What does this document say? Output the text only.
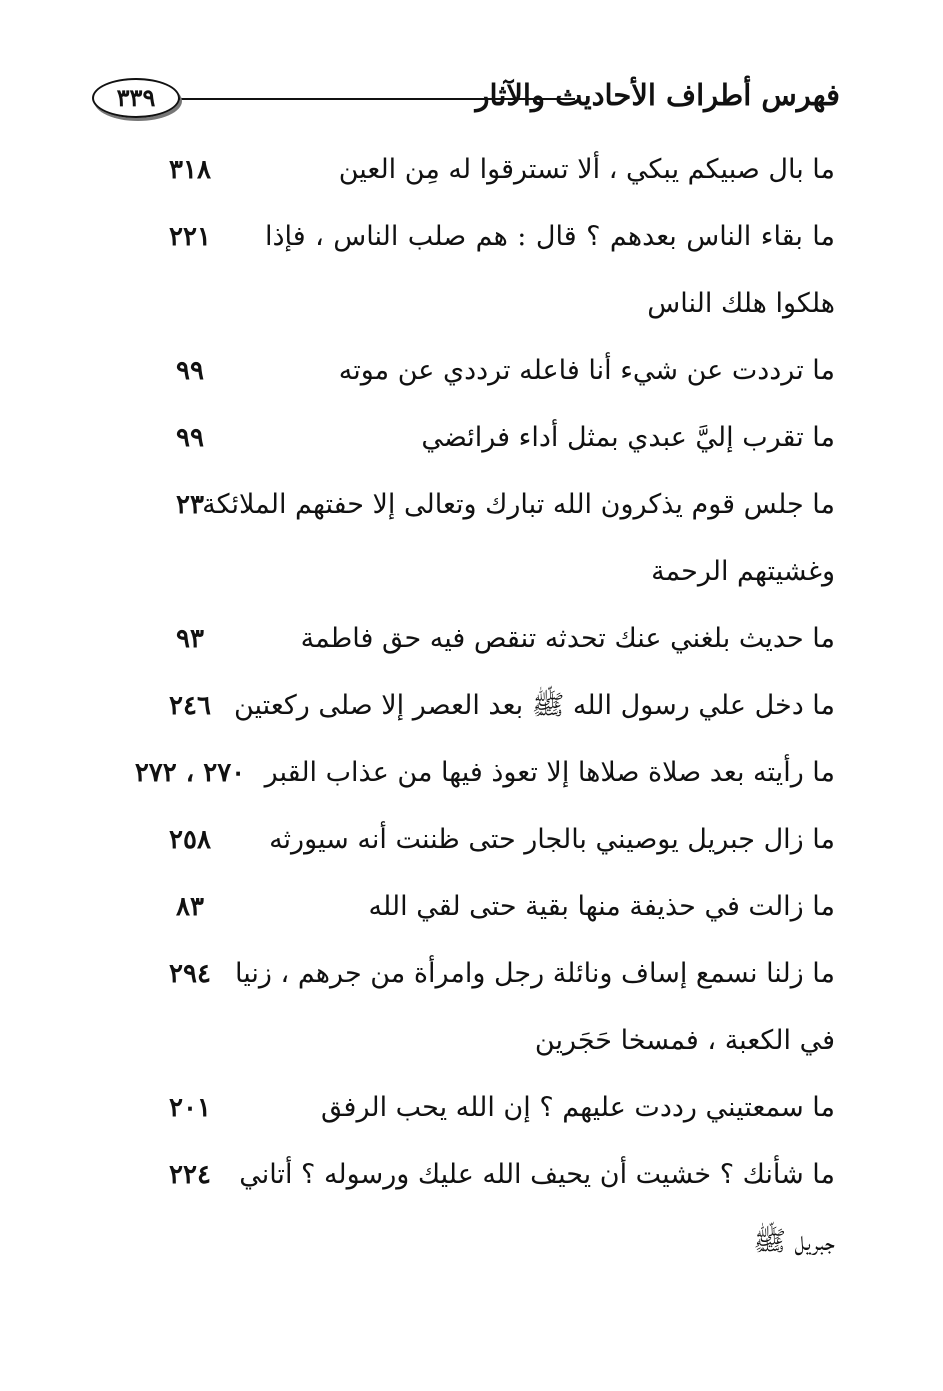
فهرس أطراف الأحاديث والآثار
٣٣٩
ما بال صبيكم يبكي ، ألا تسترقوا له مِن العين
٣١٨
ما بقاء الناس بعدهم ؟ قال : هم صلب الناس ، فإذا
٢٢١
هلكوا هلك الناس
ما ترددت عن شيء أنا فاعله ترددي عن موته
٩٩
ما تقرب إليَّ عبدي بمثل أداء فرائضي
٩٩
ما جلس قوم يذكرون الله تبارك وتعالى إلا حفتهم الملائكة
٢٣
وغشيتهم الرحمة
ما حديث بلغني عنك تحدثه تنقص فيه حق فاطمة
٩٣
ما دخل علي رسول الله ﷺ بعد العصر إلا صلى ركعتين
٢٤٦
ما رأيته بعد صلاة صلاها إلا تعوذ فيها من عذاب القبر
٢٧٠ ، ٢٧٢
ما زال جبريل يوصيني بالجار حتى ظننت أنه سيورثه
٢٥٨
ما زالت في حذيفة منها بقية حتى لقي الله
٨٣
ما زلنا نسمع إساف ونائلة رجل وامرأة من جرهم ، زنيا
٢٩٤
في الكعبة ، فمسخا حَجَرين
ما سمعتيني رددت عليهم ؟ إن الله يحب الرفق
٢٠١
ما شأنك ؟ خشيت أن يحيف الله عليك ورسوله ؟ أتاني
٢٢٤
جبريل ﷺ
